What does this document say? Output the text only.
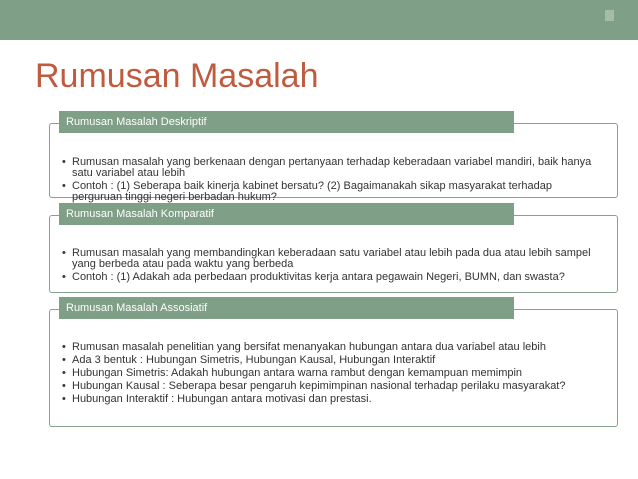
Rumusan Masalah
• Rumusan masalah yang berkenaan dengan pertanyaan terhadap keberadaan variabel mandiri, baik hanya satu variabel atau lebih
• Contoh : (1) Seberapa baik kinerja kabinet bersatu? (2) Bagaimanakah sikap masyarakat terhadap perguruan tinggi negeri berbadan hukum?
Rumusan Masalah Deskriptif
• Rumusan masalah yang membandingkan keberadaan satu variabel atau lebih pada dua atau lebih sampel yang berbeda atau pada waktu yang berbeda
• Contoh : (1) Adakah ada perbedaan produktivitas kerja antara pegawain Negeri, BUMN, dan swasta?
Rumusan Masalah Komparatif
• Rumusan masalah penelitian yang bersifat menanyakan hubungan antara dua variabel atau lebih
• Ada 3 bentuk : Hubungan Simetris, Hubungan Kausal, Hubungan Interaktif
• Hubungan Simetris: Adakah hubungan antara warna rambut dengan kemampuan memimpin
• Hubungan Kausal : Seberapa besar pengaruh kepimimpinan nasional terhadap perilaku masyarakat?
• Hubungan Interaktif : Hubungan antara motivasi dan prestasi.
Rumusan Masalah Assosiatif
